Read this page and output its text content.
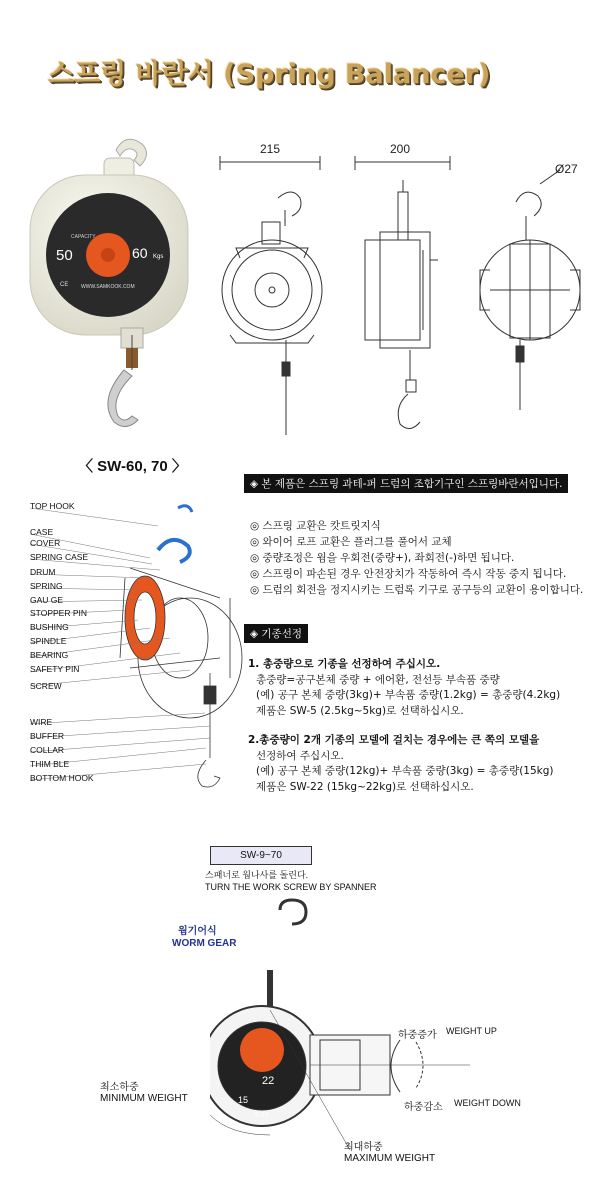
스프링 바란서 (Spring Balancer)
CAPACITY
50	60 Kgs
WWW.SAMKOOK.COM
CE
215	200
Ø27
〈 SW-60, 70 〉
◈ 본 제품은 스프링 과테-퍼 드럼의 조합기구인 스프링바란서입니다.
◎ 스프링 교환은 캇트릿지식
◎ 와이어 로프 교환은 플러그를 풀어서 교체
◎ 중량조정은 웜을 우회전(중량+), 좌회전(-)하면 됩니다.
◎ 스프링이 파손된 경우 안전장치가 작동하여 즉시 작동 중지 됩니다.
◎ 드럼의 회전을 정지시키는 드럼록 기구로 공구등의 교환이 용이합니다.
◈ 기종선정
1. 총중량으로 기종을 선정하여 주십시오.
총중량=공구본체 중량 + 에어환, 전선등 부속품 중량
(예) 공구 본체 중량(3kg)+ 부속품 중량(1.2kg) = 총중량(4.2kg)
제품은 SW-5 (2.5kg~5kg)로 선택하십시오.
2.총중량이 2개 기종의 모델에 걸치는 경우에는 큰 쪽의 모델을
선정하여 주십시오.
(예) 공구 본체 중량(12kg)+ 부속품 중량(3kg) = 총중량(15kg)
제품은 SW-22 (15kg~22kg)로 선택하십시오.
TOP HOOK
CASE
COVER
SPRING CASE
DRUM
SPRING
GAU GE
STOPPER PIN
BUSHING
SPINDLE
BEARING
SAFETY PIN
SCREW
WIRE
BUFFER
COLLAR
THIM BLE
BOTTOM HOOK
SW-9~70
스패너로 웜나사를 돌린다.
TURN THE WORK SCREW BY SPANNER
웜기어식
WORM GEAR
15
22
S-22
하중증가 WEIGHT UP
하중감소 WEIGHT DOWN
최소하중
MINIMUM WEIGHT
최대하중
MAXIMUM WEIGHT
